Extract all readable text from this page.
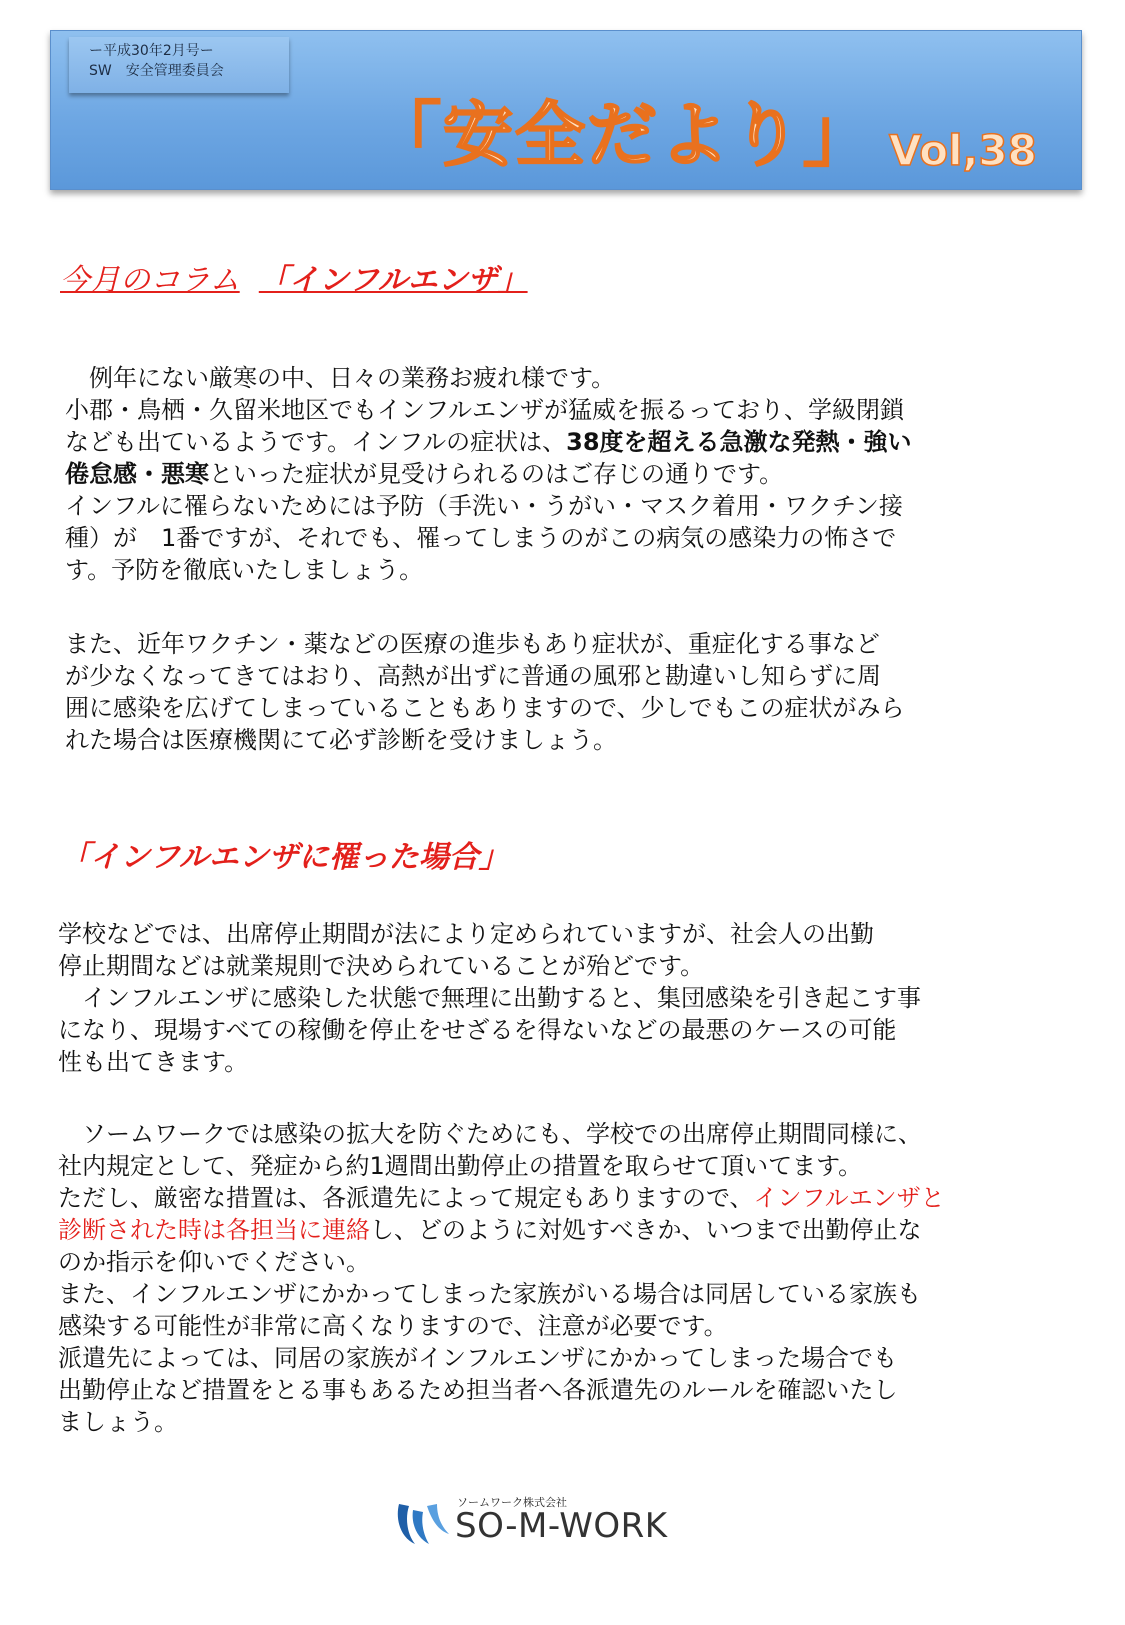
ー平成30年2月号ー
SW　安全管理委員会
「安全だより」 Vol,38
今月のコラム 「インフルエンザ」
　例年にない厳寒の中、日々の業務お疲れ様です。
小郡・鳥栖・久留米地区でもインフルエンザが猛威を振るっており、学級閉鎖
なども出ているようです。インフルの症状は、38度を超える急激な発熱・強い
倦怠感・悪寒といった症状が見受けられるのはご存じの通りです。
インフルに罹らないためには予防（手洗い・うがい・マスク着用・ワクチン接
種）が　1番ですが、それでも、罹ってしまうのがこの病気の感染力の怖さで
す。予防を徹底いたしましょう。
また、近年ワクチン・薬などの医療の進歩もあり症状が、重症化する事など
が少なくなってきてはおり、高熱が出ずに普通の風邪と勘違いし知らずに周
囲に感染を広げてしまっていることもありますので、少しでもこの症状がみら
れた場合は医療機関にて必ず診断を受けましょう。
「インフルエンザに罹った場合」
学校などでは、出席停止期間が法により定められていますが、社会人の出勤
停止期間などは就業規則で決められていることが殆どです。
　インフルエンザに感染した状態で無理に出勤すると、集団感染を引き起こす事
になり、現場すべての稼働を停止をせざるを得ないなどの最悪のケースの可能
性も出てきます。
　ソームワークでは感染の拡大を防ぐためにも、学校での出席停止期間同様に、
社内規定として、発症から約1週間出勤停止の措置を取らせて頂いてます。
ただし、厳密な措置は、各派遣先によって規定もありますので、インフルエンザと
診断された時は各担当に連絡し、どのように対処すべきか、いつまで出勤停止な
のか指示を仰いでください。
また、インフルエンザにかかってしまった家族がいる場合は同居している家族も
感染する可能性が非常に高くなりますので、注意が必要です。
派遣先によっては、同居の家族がインフルエンザにかかってしまった場合でも
出勤停止など措置をとる事もあるため担当者へ各派遣先のルールを確認いたし
ましょう。
ソームワーク株式会社
SO-M-WORK
